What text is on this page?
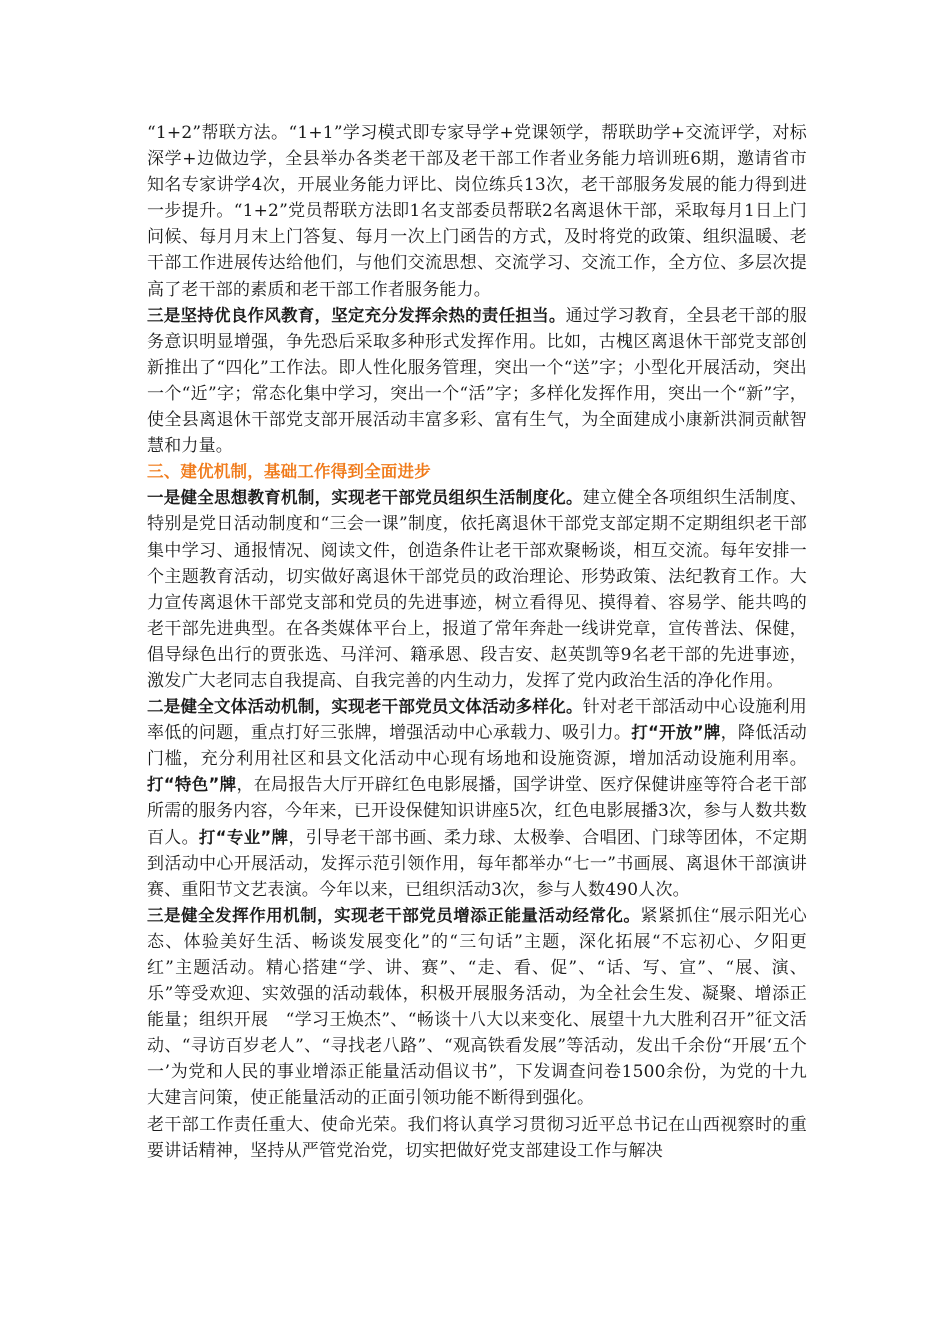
“1+2”帮联方法。“1+1”学习模式即专家导学+党课领学，帮联助学+交流评学，对标深学+边做边学，全县举办各类老干部及老干部工作者业务能力培训班6期，邀请省市知名专家讲学4次，开展业务能力评比、岗位练兵13次，老干部服务发展的能力得到进一步提升。“1+2”党员帮联方法即1名支部委员帮联2名离退休干部，采取每月1日上门问候、每月月末上门答复、每月一次上门函告的方式，及时将党的政策、组织温暖、老干部工作进展传达给他们，与他们交流思想、交流学习、交流工作，全方位、多层次提高了老干部的素质和老干部工作者服务能力。

三是坚持优良作风教育，坚定充分发挥余热的责任担当。通过学习教育，全县老干部的服务意识明显增强，争先恐后采取多种形式发挥作用。比如，古槐区离退休干部党支部创新推出了“四化”工作法。即人性化服务管理，突出一个“送”字；小型化开展活动，突出一个“近”字；常态化集中学习，突出一个“活”字；多样化发挥作用，突出一个“新”字，使全县离退休干部党支部开展活动丰富多彩、富有生气，为全面建成小康新洪洞贡献智慧和力量。

三、建优机制，基础工作得到全面进步

一是健全思想教育机制，实现老干部党员组织生活制度化。建立健全各项组织生活制度、特别是党日活动制度和“三会一课”制度，依托离退休干部党支部定期不定期组织老干部集中学习、通报情况、阅读文件，创造条件让老干部欢聚畅谈，相互交流。每年安排一个主题教育活动，切实做好离退休干部党员的政治理论、形势政策、法纪教育工作。大力宣传离退休干部党支部和党员的先进事迹，树立看得见、摸得着、容易学、能共鸣的老干部先进典型。在各类媒体平台上，报道了常年奔赴一线讲党章，宣传普法、保健，倡导绿色出行的贾张选、马洋河、籍承恩、段吉安、赵英凯等9名老干部的先进事迹，激发广大老同志自我提高、自我完善的内生动力，发挥了党内政治生活的净化作用。

二是健全文体活动机制，实现老干部党员文体活动多样化。针对老干部活动中心设施利用率低的问题，重点打好三张牌，增强活动中心承载力、吸引力。打“开放”牌，降低活动门槛，充分利用社区和县文化活动中心现有场地和设施资源，增加活动设施利用率。打“特色”牌，在局报告大厅开辟红色电影展播，国学讲堂、医疗保健讲座等符合老干部所需的服务内容，今年来，已开设保健知识讲座5次，红色电影展播3次，参与人数共数百人。打“专业”牌，引导老干部书画、柔力球、太极拳、合唱团、门球等团体，不定期到活动中心开展活动，发挥示范引领作用，每年都举办“七一”书画展、离退休干部演讲赛、重阳节文艺表演。今年以来，已组织活动3次，参与人数490人次。

三是健全发挥作用机制，实现老干部党员增添正能量活动经常化。紧紧抓住“展示阳光心态、体验美好生活、畅谈发展变化”的“三句话”主题，深化拓展“不忘初心、夕阳更红”主题活动。精心搭建“学、讲、赛”、“走、看、促”、“话、写、宣”、“展、演、乐”等受欢迎、实效强的活动载体，积极开展服务活动，为全社会生发、凝聚、增添正能量；组织开展　“学习王焕杰”、“畅谈十八大以来变化、展望十九大胜利召开”征文活动、“寻访百岁老人”、“寻找老八路”、“观高铁看发展”等活动，发出千余份“开展‘五个一’为党和人民的事业增添正能量活动倡议书”，下发调查问卷1500余份，为党的十九大建言问策，使正能量活动的正面引领功能不断得到强化。

老干部工作责任重大、使命光荣。我们将认真学习贯彻习近平总书记在山西视察时的重要讲话精神，坚持从严管党治党，切实把做好党支部建设工作与解决
